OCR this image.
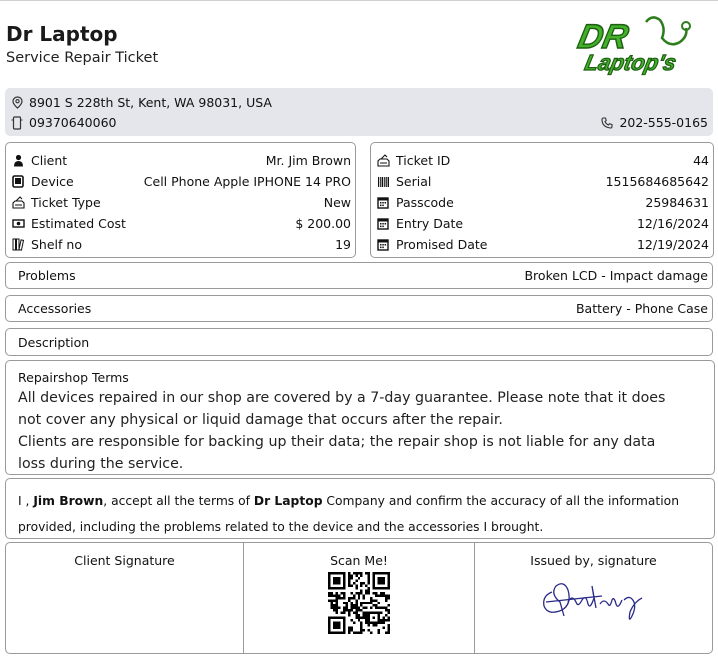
Dr Laptop
Service Repair Ticket
DR
Laptop's
8901 S 228th St, Kent, WA 98031, USA
09370640060	202-555-0165
Client	Mr. Jim Brown
Device	Cell Phone Apple IPHONE 14 PRO
Ticket Type	New
Estimated Cost	$ 200.00
Shelf no	19
Ticket ID	44
Serial	1515684685642
Passcode	25984631
Entry Date	12/16/2024
Promised Date	12/19/2024
Problems	Broken LCD - Impact damage
Accessories	Battery - Phone Case
Description
Repairshop Terms
All devices repaired in our shop are covered by a 7-day guarantee. Please note that it does not cover any physical or liquid damage that occurs after the repair.
Clients are responsible for backing up their data; the repair shop is not liable for any data loss during the service.
I , Jim Brown, accept all the terms of Dr Laptop Company and confirm the accuracy of all the information provided, including the problems related to the device and the accessories I brought.
Client Signature	Scan Me!	Issued by, signature
